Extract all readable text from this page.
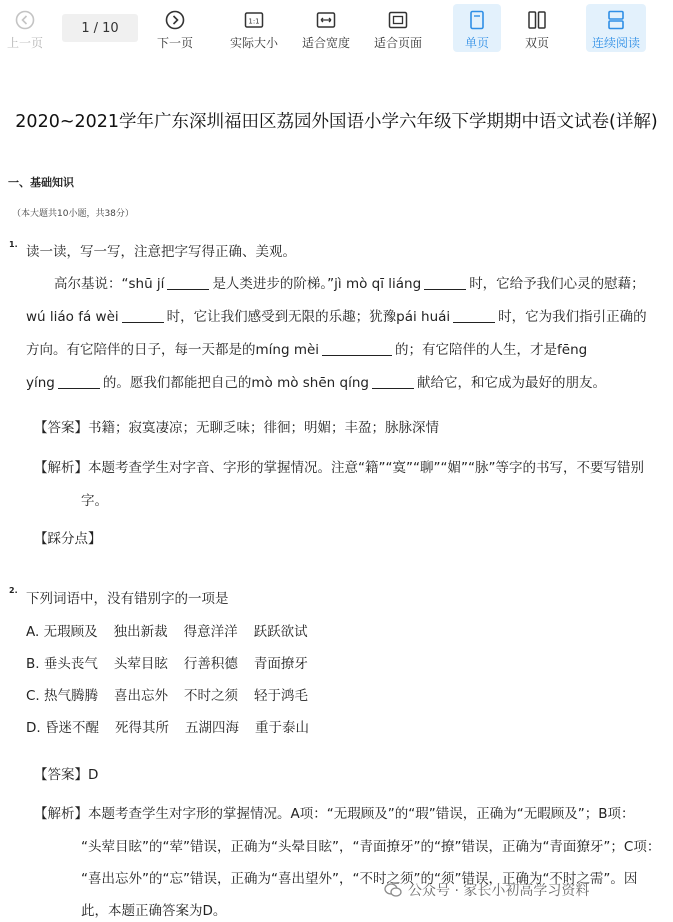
上一页
1 / 10
下一页
1:1
实际大小 适合宽度 适合页面	单页	双页	连续阅读
2020~2021学年广东深圳福田区荔园外国语小学六年级下学期期中语文试卷(详解)
一、基础知识
（本大题共10小题，共38分）
1. 读一读，写一写，注意把字写得正确、美观。
高尔基说：“shū jí	是人类进步的阶梯。”jì mò qī liáng	时，它给予我们心灵的慰藉；
wú liáo fá wèi	时，它让我们感受到无限的乐趣；犹豫pái huái	时，它为我们指引正确的
方向。有它陪伴的日子，每一天都是的míng mèi	的；有它陪伴的人生，才是fēng
yíng	的。愿我们都能把自己的mò mò shēn qíng	献给它，和它成为最好的朋友。
【答案】书籍；寂寞凄凉；无聊乏味；徘徊；明媚；丰盈；脉脉深情
【解析】本题考查学生对字音、字形的掌握情况。注意“籍”“寞”“聊”“媚”“脉”等字的书写，不要写错别
字。
【踩分点】
2.
下列词语中，没有错别字的一项是
A. 无瑕顾及 独出新裁 得意洋洋 跃跃欲试
B. 垂头丧气 头荤目眩 行善积德 青面撩牙
C. 热气腾腾 喜出忘外 不时之须 轻于鸿毛
D. 昏迷不醒 死得其所 五湖四海 重于泰山
【答案】D
【解析】本题考查学生对字形的掌握情况。A项：“无瑕顾及”的“瑕”错误，正确为“无暇顾及”；B项：
“头荤目眩”的“荤”错误，正确为“头晕目眩”，“青面撩牙”的“撩”错误，正确为“青面獠牙”；C项：
“喜出忘外”的“忘”错误，正确为“喜出望外”，“不时之须”的“须”错误，正确为“不时之需”。因
此，本题正确答案为D。
公众号 · 家长小初高学习资料
